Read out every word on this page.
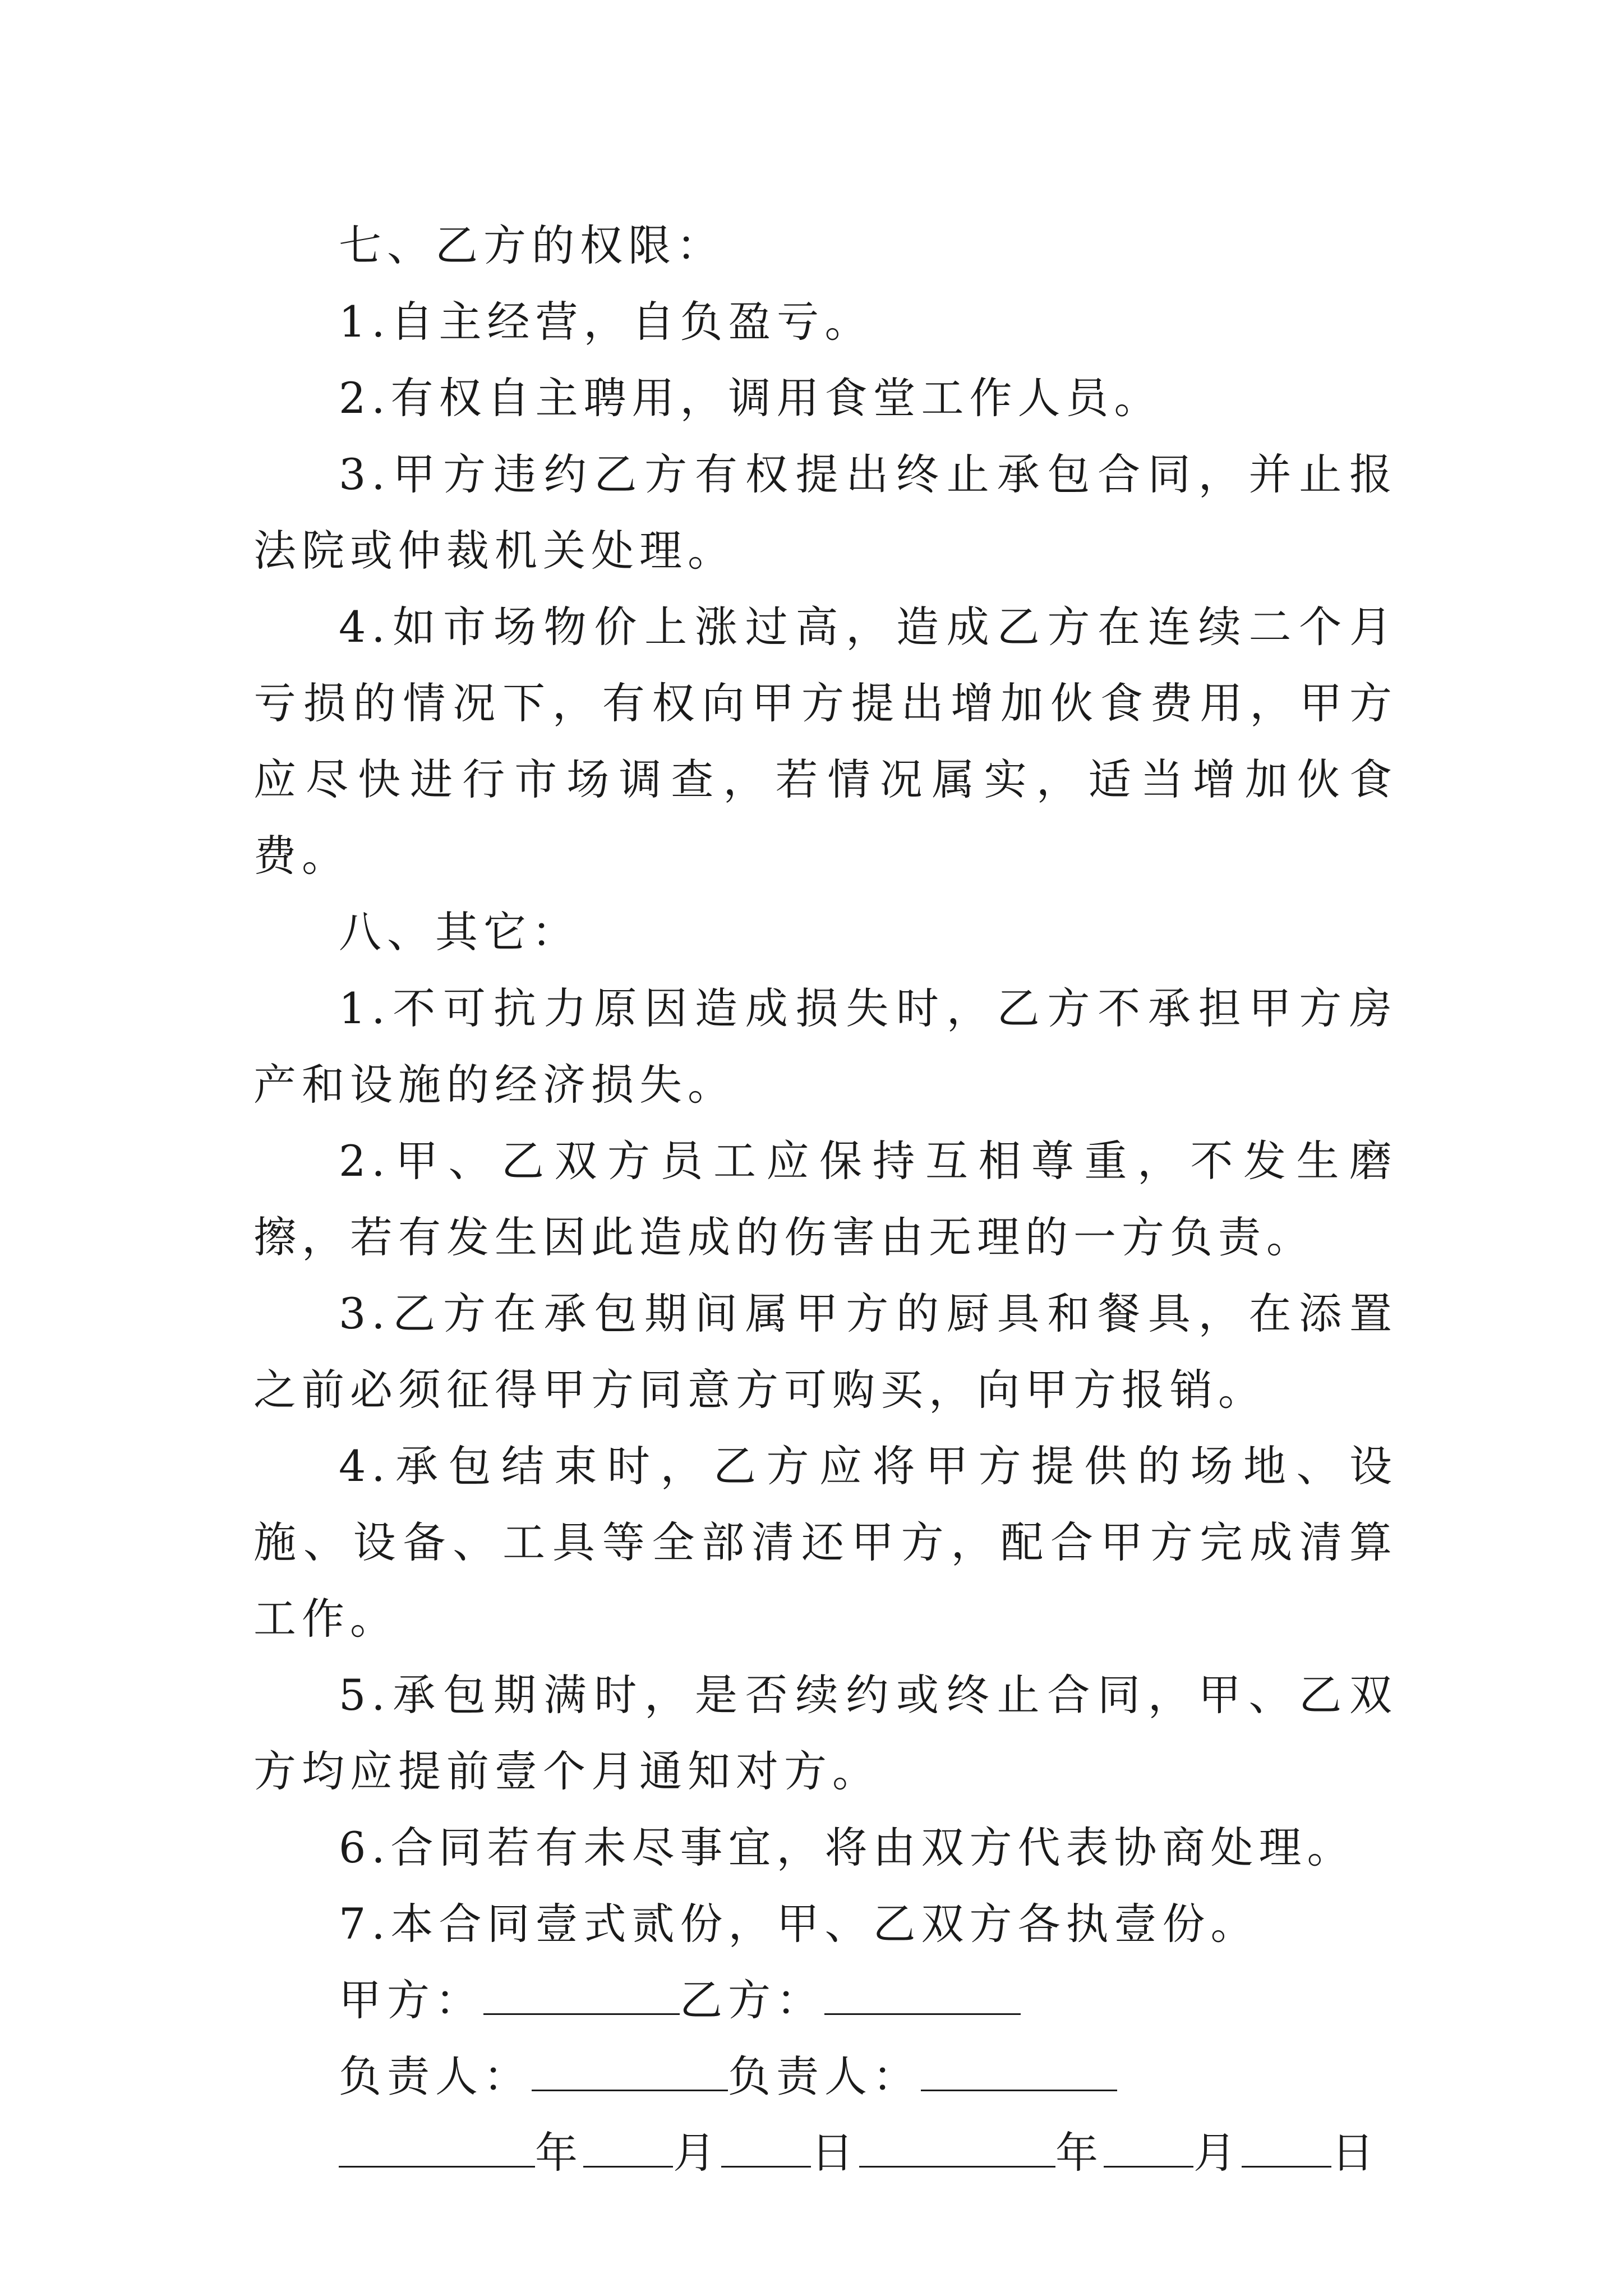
七、乙方的权限：

1.自主经营，自负盈亏。

2.有权自主聘用，调用食堂工作人员。

3.甲方违约乙方有权提出终止承包合同，并止报法院或仲裁机关处理。

4.如市场物价上涨过高，造成乙方在连续二个月亏损的情况下，有权向甲方提出增加伙食费用，甲方应尽快进行市场调查，若情况属实，适当增加伙食费。

八、其它：

1.不可抗力原因造成损失时，乙方不承担甲方房产和设施的经济损失。

2.甲、乙双方员工应保持互相尊重，不发生磨擦，若有发生因此造成的伤害由无理的一方负责。

3.乙方在承包期间属甲方的厨具和餐具，在添置之前必须征得甲方同意方可购买，向甲方报销。

4.承包结束时，乙方应将甲方提供的场地、设施、设备、工具等全部清还甲方，配合甲方完成清算工作。

5.承包期满时，是否续约或终止合同，甲、乙双方均应提前壹个月通知对方。

6.合同若有未尽事宜，将由双方代表协商处理。

7.本合同壹式贰份，甲、乙双方各执壹份。

甲方：	乙方：

负责人：	负责人：

年 月 日	年 月 日
